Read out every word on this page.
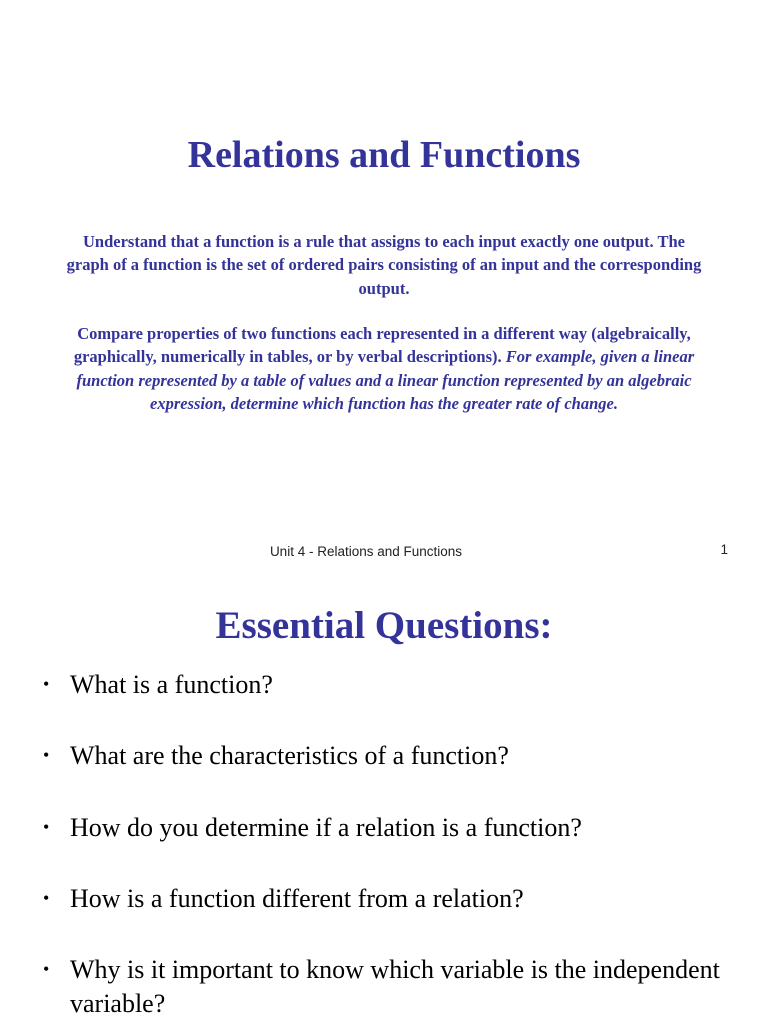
Relations and Functions

Understand that a function is a rule that assigns to each input exactly one output. The graph of a function is the set of ordered pairs consisting of an input and the corresponding output.

Compare properties of two functions each represented in a different way (algebraically, graphically, numerically in tables, or by verbal descriptions). For example, given a linear function represented by a table of values and a linear function represented by an algebraic expression, determine which function has the greater rate of change.

Unit 4 - Relations and Functions	1
Essential Questions:
• What is a function?
• What are the characteristics of a function?
• How do you determine if a relation is a function?
• How is a function different from a relation?
• Why is it important to know which variable is the independent variable?
